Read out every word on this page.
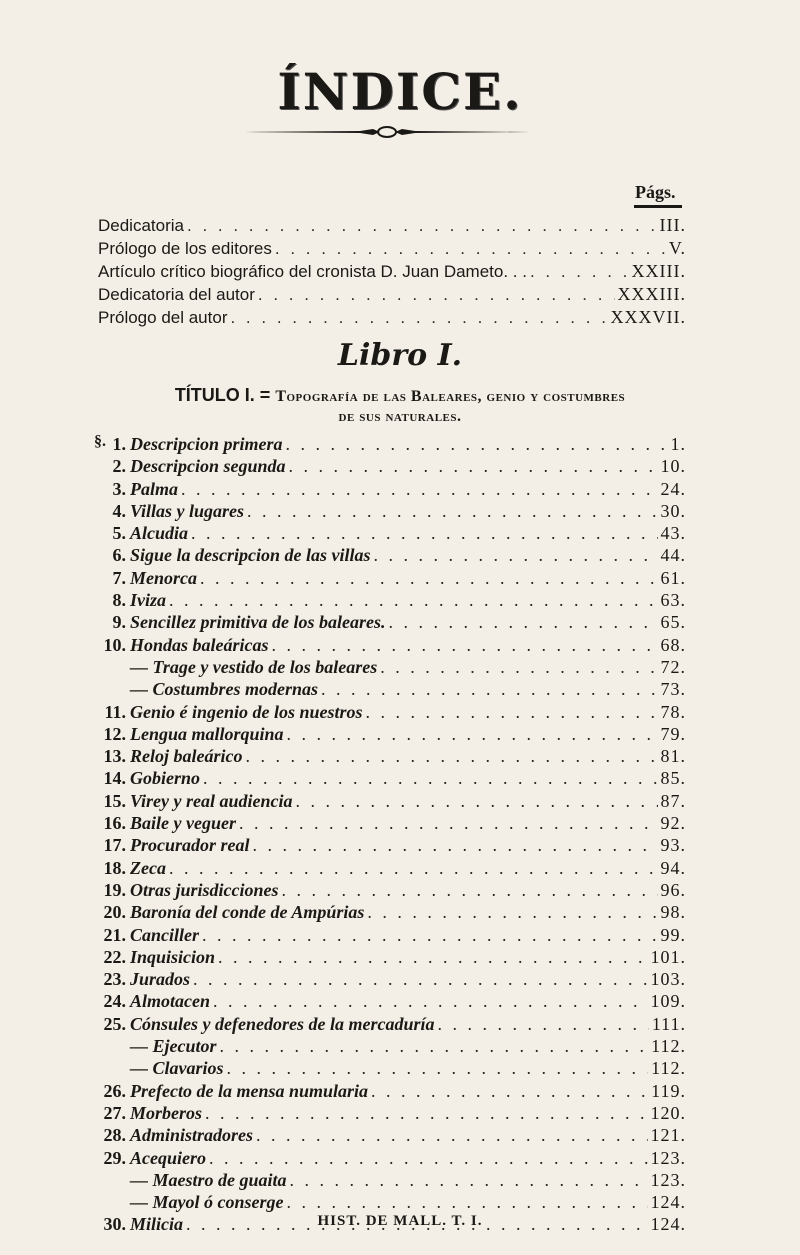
ÍNDICE.
Págs.
Dedicatoria . . .	III.
Prólogo de los editores . . .	V.
Artículo crítico biográfico del cronista D. Juan Dameto. . . . . .	XXIII.
Dedicatoria del autor . . .	XXXIII.
Prólogo del autor . . .	XXXVII.
Libro I.
TÍTULO I. = Topografía de las Baleares, genio y costumbres
de sus naturales.
§. 1. Descripcion primera . . .	1.
2. Descripcion segunda . . .	10.
3. Palma . . .	24.
4. Villas y lugares . . .	30.
5. Alcudia . . .	43.
6. Sigue la descripcion de las villas . . .	44.
7. Menorca . . .	61.
8. Iviza . . .	63.
9. Sencillez primitiva de los baleares. . . .	65.
10. Hondas baleáricas . . .	68.
— Trage y vestido de los baleares . . .	72.
— Costumbres modernas . . .	73.
11. Genio é ingenio de los nuestros . . .	78.
12. Lengua mallorquina . . .	79.
13. Reloj baleárico . . .	81.
14. Gobierno . . .	85.
15. Virey y real audiencia . . .	87.
16. Baile y veguer . . .	92.
17. Procurador real . . .	93.
18. Zeca . . .	94.
19. Otras jurisdicciones . . .	96.
20. Baronía del conde de Ampúrias . . .	98.
21. Canciller . . .	99.
22. Inquisicion . . .	101.
23. Jurados . . .	103.
24. Almotacen . . .	109.
25. Cónsules y defenedores de la mercaduría . . .	111.
— Ejecutor . . .	112.
— Clavarios . . .	112.
26. Prefecto de la mensa numularia . . .	119.
27. Morberos . . .	120.
28. Administradores . . .	121.
29. Acequiero . . .	123.
— Maestro de guaita . . .	123.
— Mayol ó conserge . . .	124.
30. Milicia . . .	124.
HIST. DE MALL. T. I.
